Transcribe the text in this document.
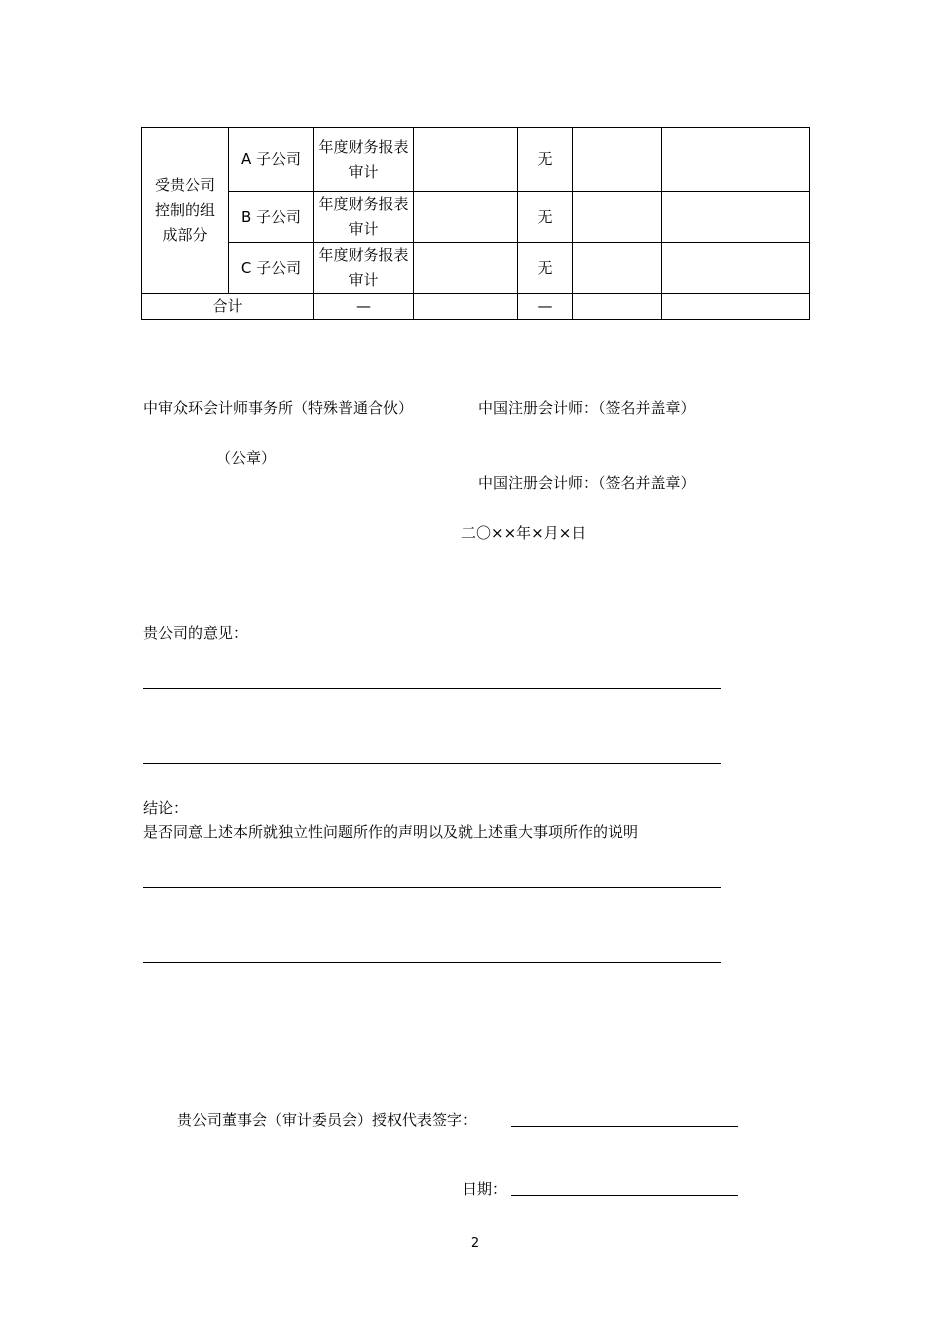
受贵公司控制的组成部分	A 子公司	年度财务报表审计		无		
	B 子公司	年度财务报表审计		无		
	C 子公司	年度财务报表审计		无		
合计		—		—		
中审众环会计师事务所（特殊普通合伙）	中国注册会计师：（签名并盖章）
（公章）
中国注册会计师：（签名并盖章）
二〇××年×月×日
贵公司的意见：
结论：
是否同意上述本所就独立性问题所作的声明以及就上述重大事项所作的说明
贵公司董事会（审计委员会）授权代表签字：
日期：
2
